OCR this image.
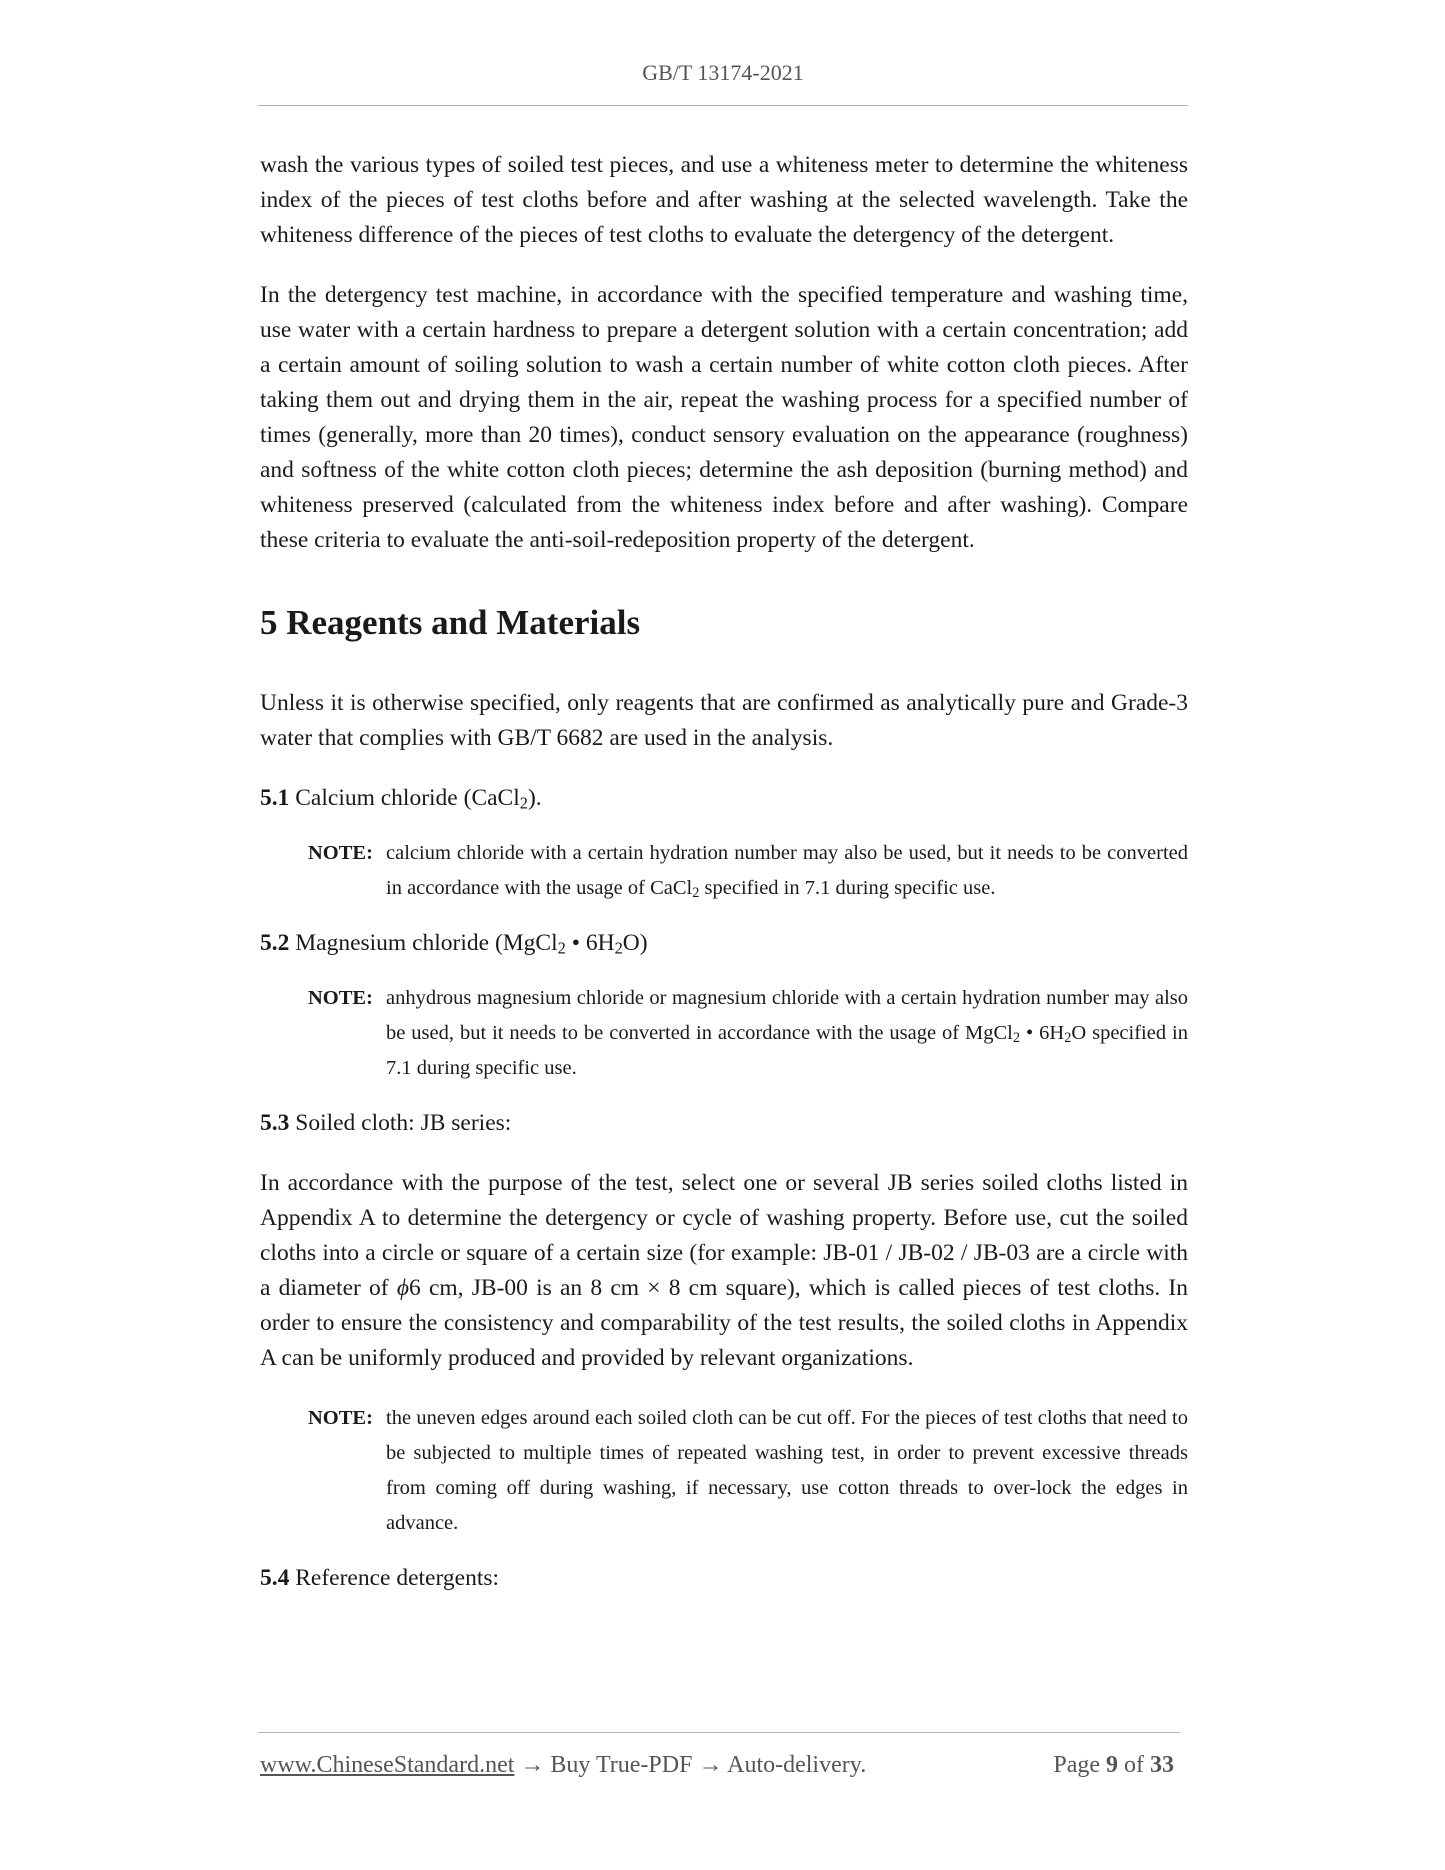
GB/T 13174-2021

wash the various types of soiled test pieces, and use a whiteness meter to determine the whiteness index of the pieces of test cloths before and after washing at the selected wavelength. Take the whiteness difference of the pieces of test cloths to evaluate the detergency of the detergent.

In the detergency test machine, in accordance with the specified temperature and washing time, use water with a certain hardness to prepare a detergent solution with a certain concentration; add a certain amount of soiling solution to wash a certain number of white cotton cloth pieces. After taking them out and drying them in the air, repeat the washing process for a specified number of times (generally, more than 20 times), conduct sensory evaluation on the appearance (roughness) and softness of the white cotton cloth pieces; determine the ash deposition (burning method) and whiteness preserved (calculated from the whiteness index before and after washing). Compare these criteria to evaluate the anti-soil-redeposition property of the detergent.

5 Reagents and Materials

Unless it is otherwise specified, only reagents that are confirmed as analytically pure and Grade-3 water that complies with GB/T 6682 are used in the analysis.

5.1 Calcium chloride (CaCl$_2$).

NOTE: calcium chloride with a certain hydration number may also be used, but it needs to be converted in accordance with the usage of CaCl$_2$ specified in 7.1 during specific use.

5.2 Magnesium chloride (MgCl$_2$ • $6H_2O$)

NOTE: anhydrous magnesium chloride or magnesium chloride with a certain hydration number may also be used, but it needs to be converted in accordance with the usage of MgCl$_2$ • $6H_2O$ specified in 7.1 during specific use.

5.3 Soiled cloth: JB series:

In accordance with the purpose of the test, select one or several JB series soiled cloths listed in Appendix A to determine the detergency or cycle of washing property. Before use, cut the soiled cloths into a circle or square of a certain size (for example: JB-01 / JB-02 / JB-03 are a circle with a diameter of ϕ6 cm, JB-00 is an 8 cm × 8 cm square), which is called pieces of test cloths. In order to ensure the consistency and comparability of the test results, the soiled cloths in Appendix A can be uniformly produced and provided by relevant organizations.

NOTE: the uneven edges around each soiled cloth can be cut off. For the pieces of test cloths that need to be subjected to multiple times of repeated washing test, in order to prevent excessive threads from coming off during washing, if necessary, use cotton threads to over-lock the edges in advance.

5.4 Reference detergents:

www.ChineseStandard.net → Buy True-PDF → Auto-delivery.	Page 9 of 33
